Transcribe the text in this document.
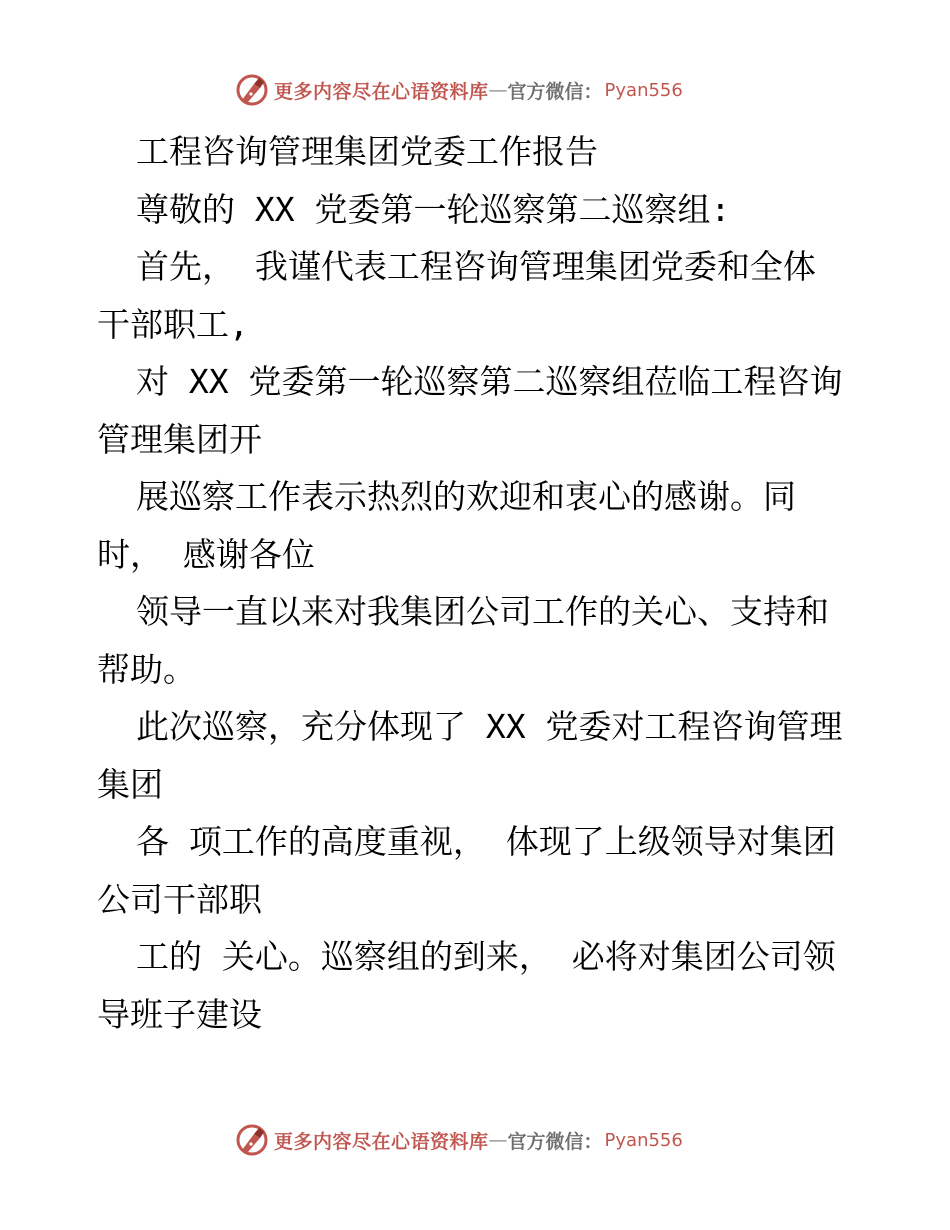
更多内容尽在心语资料库 — 官方微信： Pyan556
工程咨询管理集团党委工作报告
尊敬的 XX 党委第一轮巡察第二巡察组:
首先， 我谨代表工程咨询管理集团党委和全体
干部职工,
对 XX 党委第一轮巡察第二巡察组莅临工程咨询
管理集团开
展巡察工作表示热烈的欢迎和衷心的感谢。同
时， 感谢各位
领导一直以来对我集团公司工作的关心、支持和
帮助。
此次巡察，充分体现了 XX 党委对工程咨询管理
集团
各 项工作的高度重视， 体现了上级领导对集团
公司干部职
工的 关心。巡察组的到来， 必将对集团公司领
导班子建设
更多内容尽在心语资料库 — 官方微信： Pyan556
